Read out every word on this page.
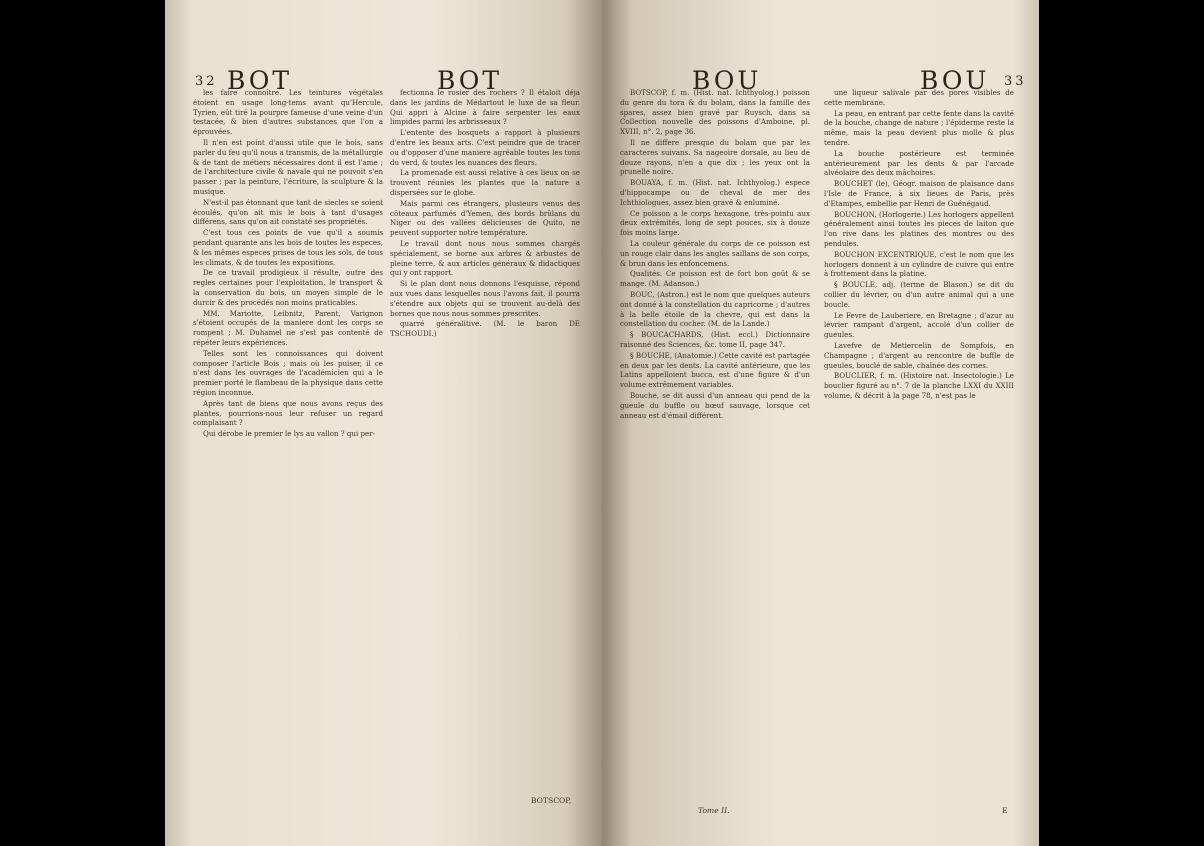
32 BOT	BOT

les faire connoître. Les teintures végétales étoient en usage long-tems avant qu'Hercule, Tyrien, eût tiré la pourpre fameuse d'une veine d'un testacée, & bien d'autres substances que l'on a éprouvées.

Il n'en est point d'aussi utile que le bois, sans parler du feu qu'il nous a transmis, de la métallurgie & de tant de métiers nécessaires dont il est l'ame ; de l'architecture civile & navale qui ne pouvoit s'en passer ; par la peinture, l'écriture, la sculpture & la musique.

N'est-il pas étonnant que tant de siecles se soient écoulés, qu'on ait mis le bois à tant d'usages différens, sans qu'on ait constaté ses propriétés.

C'est tous ces points de vue qu'il a soumis pendant quarante ans les bois de toutes les especes, & les mêmes especes prises de tous les sols, de tous les climats, & de toutes les expositions.

De ce travail prodigieux il résulte, outre des regles certaines pour l'exploitation, le transport & la conservation du bois, un moyen simple de le durcir & des procédés non moins praticables.

MM. Mariotte, Leibnitz, Parent, Varignon s'étoient occupés de la maniere dont les corps se rompent ; M. Duhamel ne s'est pas contenté de répéter leurs expériences.

Telles sont les connoissances qui doivent composer l'article Bois ; mais où les puiser, il ce n'est dans les ouvrages de l'académicien qui a le premier porté le flambeau de la physique dans cette région inconnue.

Après tant de biens que nous avons reçus des plantes, pourrions-nous leur refuser un regard complaisant ?

Qui dérobe le premier le lys au vallon ? qui per-

fectionna le rosier des rochers ? Il étaloit déja dans les jardins de Médartout le luxe de sa fleur. Qui appri à Alcine à faire serpenter les eaux limpides parmi les arbrisseaux ?

L'entente des bosquets a rapport à plusieurs d'entre les beaux arts. C'est peindre que de tracer ou d'opposer d'une maniere agréable toutes les tons du verd, & toutes les nuances des fleurs.

La promenade est aussi relative à ces lieux on se trouvent réunies les plantes que la nature a dispersées sur le globe.

Mais parmi ces étrangers, plusieurs venus des côteaux parfumés d'Yemen, des bords brûlans du Niger ou des vallées délicieuses de Quito, ne peuvent supporter notre température.

Le travail dont nous nous sommes chargés spécialement, se borne aux arbres & arbustes de pleine terre, & aux articles généraux & didactiques qui y ont rapport.

Si le plan dont nous donnons l'esquisse, répond aux vues dans lesquelles nous l'avons fait, il pourra s'étendre aux objets qui se trouvent au-delà des bornes que nous nous sommes prescrites.

quarré généralitive. (M. le baron DE TSCHOUDI.)

BOTSCOP,
BOU	BOU 33

BOTSCOP, f. m. (Hist. nat. Ichthyolog.) poisson du genre du tora & du bolam, dans la famille des spares, assez bien gravé par Ruysch, dans sa Collection nouvelle des poissons d'Amboine, pl. XVIII, n°. 2, page 36.

Il ne differe presque du bolam que par les caracteres suivans. Sa nageoire dorsale, au lieu de douze rayons, n'en a que dix ; les yeux ont la prunelle noire.

BOUAYA, f. m. (Hist. nat. Ichthyolog.) espece d'hippocampe ou de cheval de mer des Ichthiologues, assez bien gravé & enluminé.

Ce poisson a le corps hexagone, très-pointu aux deux extrémités, long de sept pouces, six à douze fois moins large.

La couleur générale du corps de ce poisson est un rouge clair dans les angles saillans de son corps, & brun dans les enfoncemens.

Qualités. Ce poisson est de fort bon goût & se mange. (M. Adanson.)

BOUC, (Astron.) est le nom que quelques auteurs ont donné à la constellation du capricorne ; d'autres à la belle étoile de la chevre, qui est dans la constellation du cocher. (M. de la Lande.)

§ BOUCACHARDS, (Hist. eccl.) Dictionnaire raisonné des Sciences, &c. tome II, page 347.

§ BOUCHE, (Anatomie.) Cette cavité est partagée en deux par les dents. La cavité antérieure, que les Latins appelloient bucca, est d'une figure & d'un volume extrêmement variables.

Bouche, se dit aussi d'un anneau qui pend de la gueule du buffle ou bœuf sauvage, lorsque cet anneau est d'émail différent.

une liqueur salivale par des pores visibles de cette membrane.

La peau, en entrant par cette fente dans la cavité de la bouche, change de nature ; l'épiderme reste la même, mais la peau devient plus molle & plus tendre.

La bouche postérieure est terminée antérieurement par les dents & par l'arcade alvéolaire des deux mâchoires.

BOUCHET (le), Géogr. maison de plaisance dans l'Isle de France, à six lieues de Paris, près d'Etampes, embellie par Henri de Guénégaud.

BOUCHON, (Horlogerie.) Les horlogers appellent généralement ainsi toutes les pieces de laiton que l'on rive dans les platines des montres ou des pendules.

BOUCHON EXCENTRIQUE, c'est le nom que les horlogers donnent à un cylindre de cuivre qui entre à frottement dans la platine.

§ BOUCLE, adj. (terme de Blason.) se dit du collier du lévrier, ou d'un autre animal qui a une boucle.

Le Fevre de Lauberiere, en Bretagne ; d'azur au lévrier rampant d'argent, accolé d'un collier de gueules.

Lavefve de Metiercelin de Sompfois, en Champagne ; d'argent au rencontre de buffle de gueules, bouclé de sable, chaînée des cornes.

BOUCLIER, f. m. (Histoire nat. Insectologie.) Le bouclier figuré au n°. 7 de la planche LXXI du XXIII volume, & décrit à la page 78, n'est pas le

Tome II.	E
